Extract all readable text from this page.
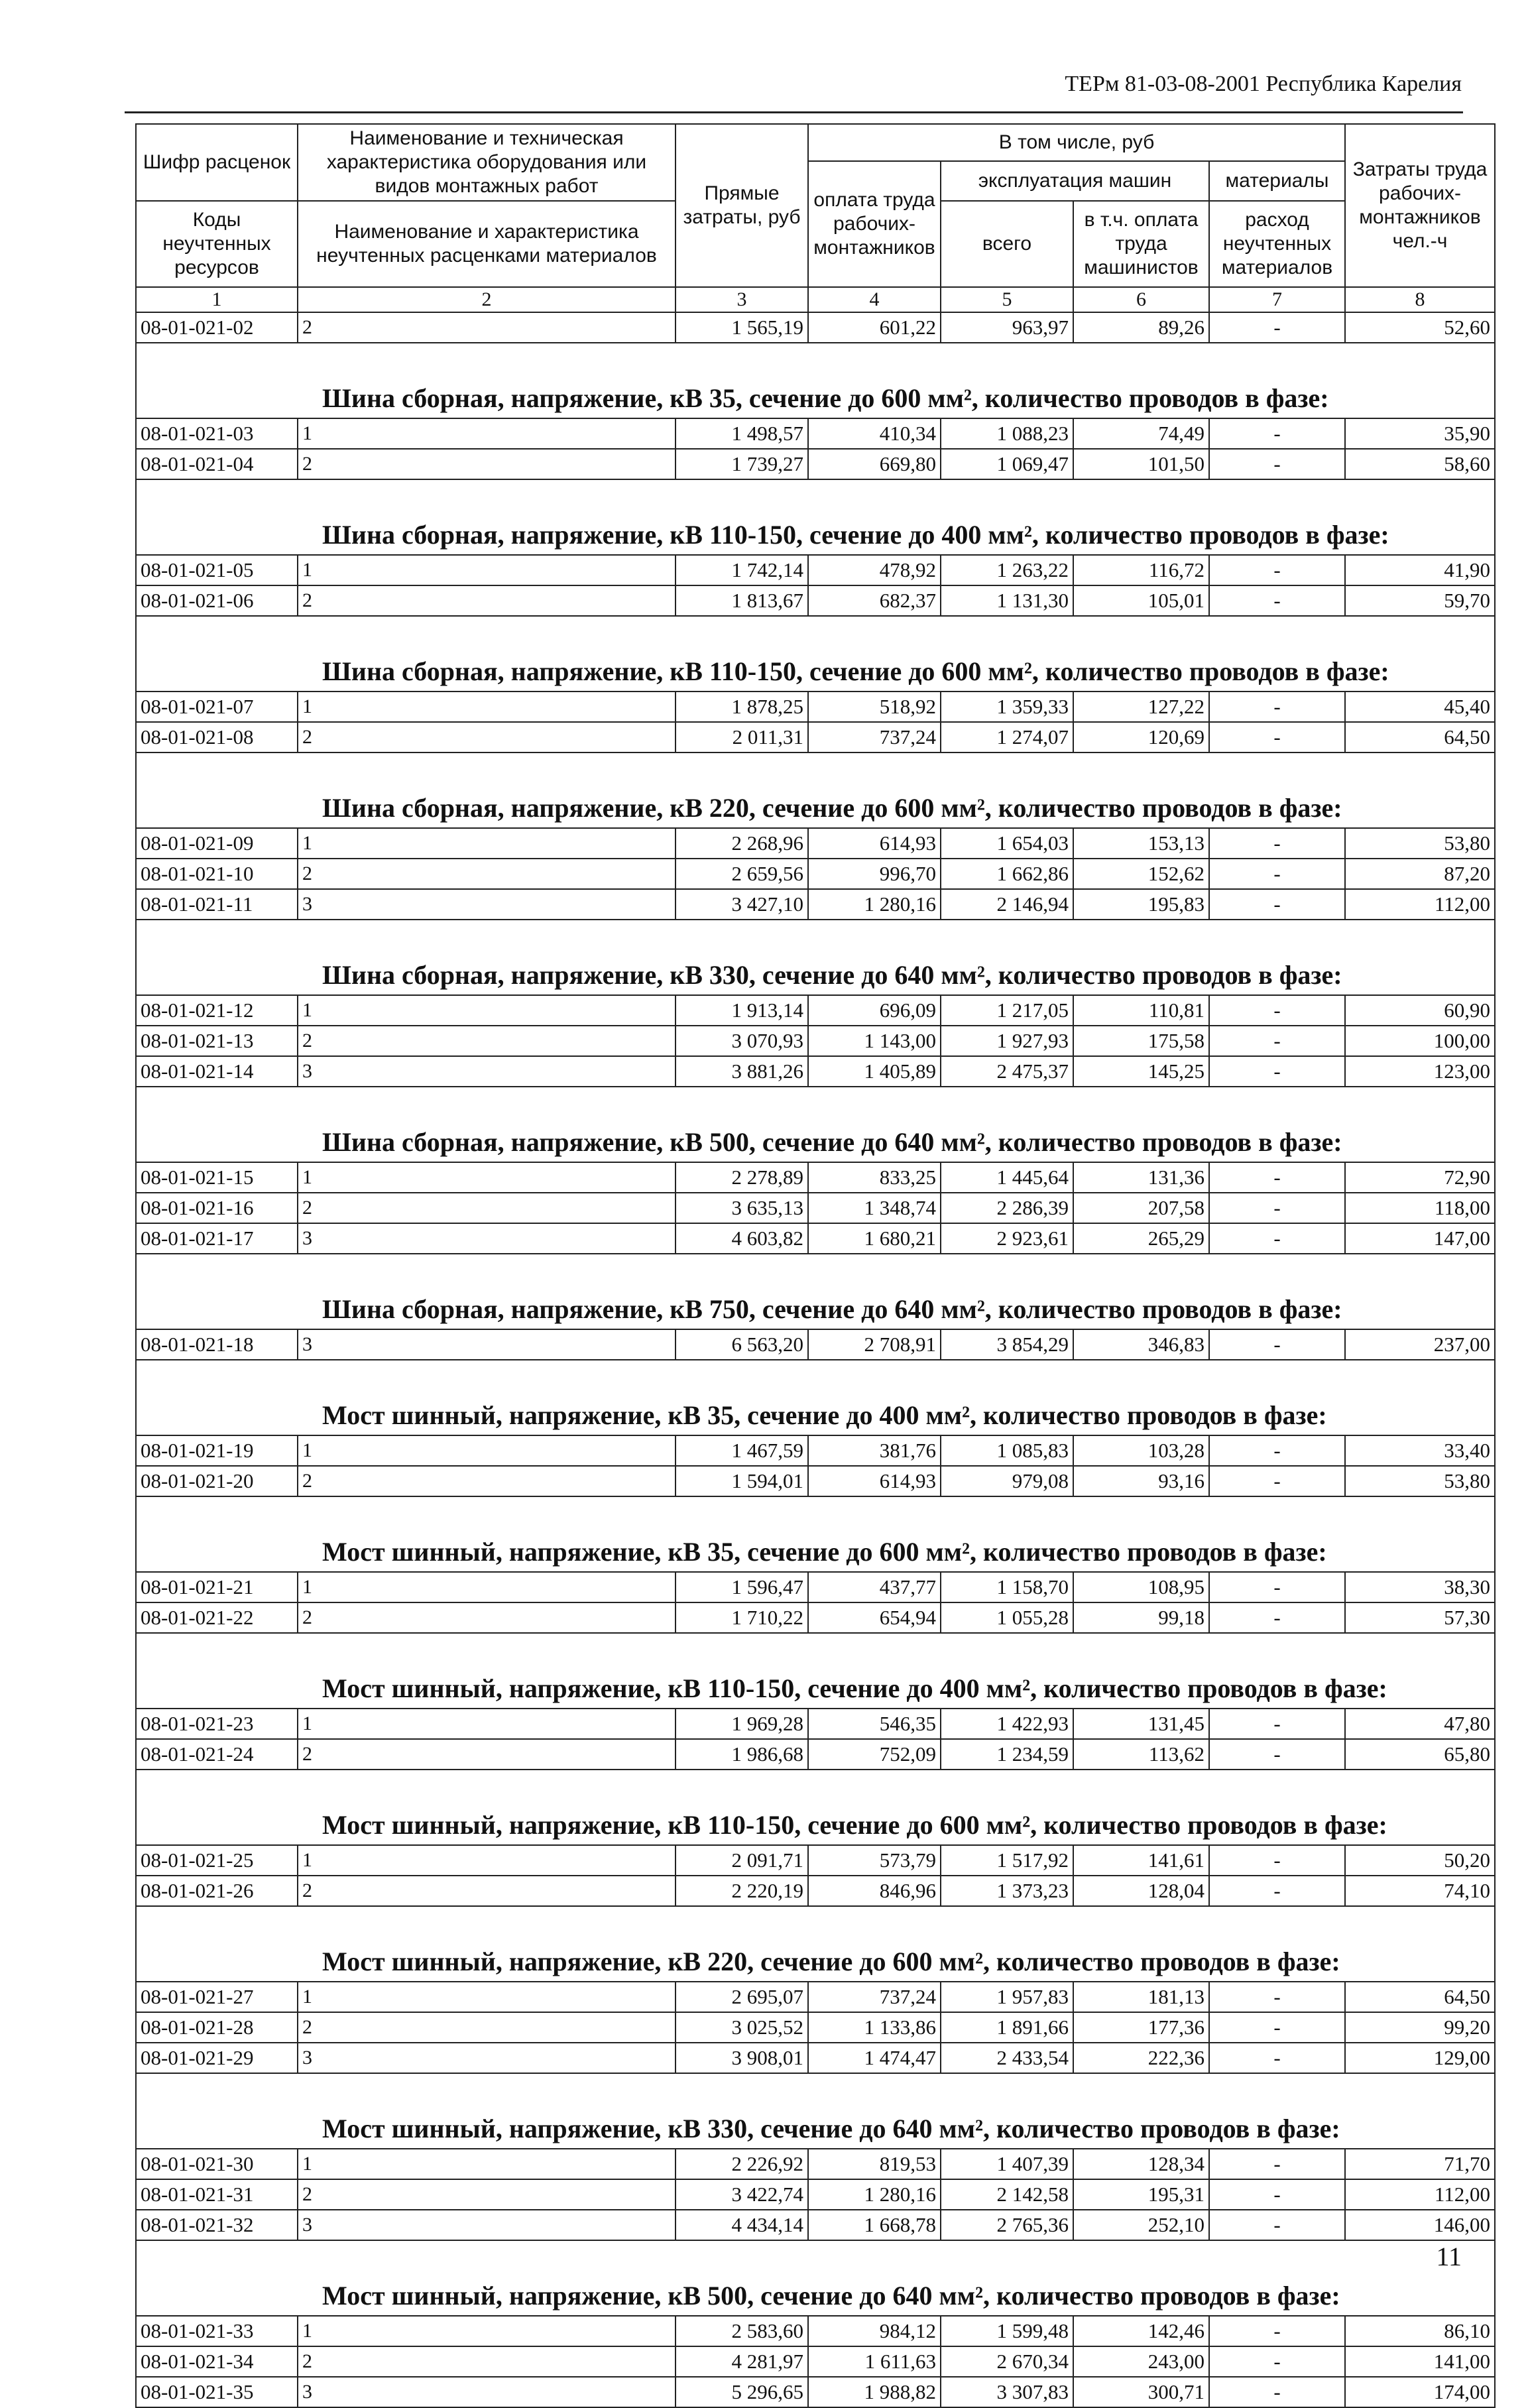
ТЕРм 81-03-08-2001 Республика Карелия
Шифр расценок	Наименование и техническая характеристика оборудования или видов монтажных работ	Прямые затраты, руб	В том числе, руб				Затраты труда рабочих-монтажников чел.-ч
			оплата труда рабочих-монтажников	эксплуатация машин		материалы	
Коды неучтенных ресурсов	Наименование и характеристика неучтенных расценками материалов			всего	в т.ч. оплата труда машинистов	расход неучтенных материалов	
1	2	3	4	5	6	7	8
08-01-021-02	2	1 565,19	601,22	963,97	89,26	-	52,60
Шина сборная, напряжение, кВ 35, сечение до 600 мм², количество проводов в фазе:							
08-01-021-03	1	1 498,57	410,34	1 088,23	74,49	-	35,90
08-01-021-04	2	1 739,27	669,80	1 069,47	101,50	-	58,60
Шина сборная, напряжение, кВ 110-150, сечение до 400 мм², количество проводов в фазе:							
08-01-021-05	1	1 742,14	478,92	1 263,22	116,72	-	41,90
08-01-021-06	2	1 813,67	682,37	1 131,30	105,01	-	59,70
Шина сборная, напряжение, кВ 110-150, сечение до 600 мм², количество проводов в фазе:							
08-01-021-07	1	1 878,25	518,92	1 359,33	127,22	-	45,40
08-01-021-08	2	2 011,31	737,24	1 274,07	120,69	-	64,50
Шина сборная, напряжение, кВ 220, сечение до 600 мм², количество проводов в фазе:							
08-01-021-09	1	2 268,96	614,93	1 654,03	153,13	-	53,80
08-01-021-10	2	2 659,56	996,70	1 662,86	152,62	-	87,20
08-01-021-11	3	3 427,10	1 280,16	2 146,94	195,83	-	112,00
Шина сборная, напряжение, кВ 330, сечение до 640 мм², количество проводов в фазе:							
08-01-021-12	1	1 913,14	696,09	1 217,05	110,81	-	60,90
08-01-021-13	2	3 070,93	1 143,00	1 927,93	175,58	-	100,00
08-01-021-14	3	3 881,26	1 405,89	2 475,37	145,25	-	123,00
Шина сборная, напряжение, кВ 500, сечение до 640 мм², количество проводов в фазе:							
08-01-021-15	1	2 278,89	833,25	1 445,64	131,36	-	72,90
08-01-021-16	2	3 635,13	1 348,74	2 286,39	207,58	-	118,00
08-01-021-17	3	4 603,82	1 680,21	2 923,61	265,29	-	147,00
Шина сборная, напряжение, кВ 750, сечение до 640 мм², количество проводов в фазе:							
08-01-021-18	3	6 563,20	2 708,91	3 854,29	346,83	-	237,00
Мост шинный, напряжение, кВ 35, сечение до 400 мм², количество проводов в фазе:							
08-01-021-19	1	1 467,59	381,76	1 085,83	103,28	-	33,40
08-01-021-20	2	1 594,01	614,93	979,08	93,16	-	53,80
Мост шинный, напряжение, кВ 35, сечение до 600 мм², количество проводов в фазе:							
08-01-021-21	1	1 596,47	437,77	1 158,70	108,95	-	38,30
08-01-021-22	2	1 710,22	654,94	1 055,28	99,18	-	57,30
Мост шинный, напряжение, кВ 110-150, сечение до 400 мм², количество проводов в фазе:							
08-01-021-23	1	1 969,28	546,35	1 422,93	131,45	-	47,80
08-01-021-24	2	1 986,68	752,09	1 234,59	113,62	-	65,80
Мост шинный, напряжение, кВ 110-150, сечение до 600 мм², количество проводов в фазе:							
08-01-021-25	1	2 091,71	573,79	1 517,92	141,61	-	50,20
08-01-021-26	2	2 220,19	846,96	1 373,23	128,04	-	74,10
Мост шинный, напряжение, кВ 220, сечение до 600 мм², количество проводов в фазе:							
08-01-021-27	1	2 695,07	737,24	1 957,83	181,13	-	64,50
08-01-021-28	2	3 025,52	1 133,86	1 891,66	177,36	-	99,20
08-01-021-29	3	3 908,01	1 474,47	2 433,54	222,36	-	129,00
Мост шинный, напряжение, кВ 330, сечение до 640 мм², количество проводов в фазе:							
08-01-021-30	1	2 226,92	819,53	1 407,39	128,34	-	71,70
08-01-021-31	2	3 422,74	1 280,16	2 142,58	195,31	-	112,00
08-01-021-32	3	4 434,14	1 668,78	2 765,36	252,10	-	146,00
Мост шинный, напряжение, кВ 500, сечение до 640 мм², количество проводов в фазе:							
08-01-021-33	1	2 583,60	984,12	1 599,48	142,46	-	86,10
08-01-021-34	2	4 281,97	1 611,63	2 670,34	243,00	-	141,00
08-01-021-35	3	5 296,65	1 988,82	3 307,83	300,71	-	174,00
11
